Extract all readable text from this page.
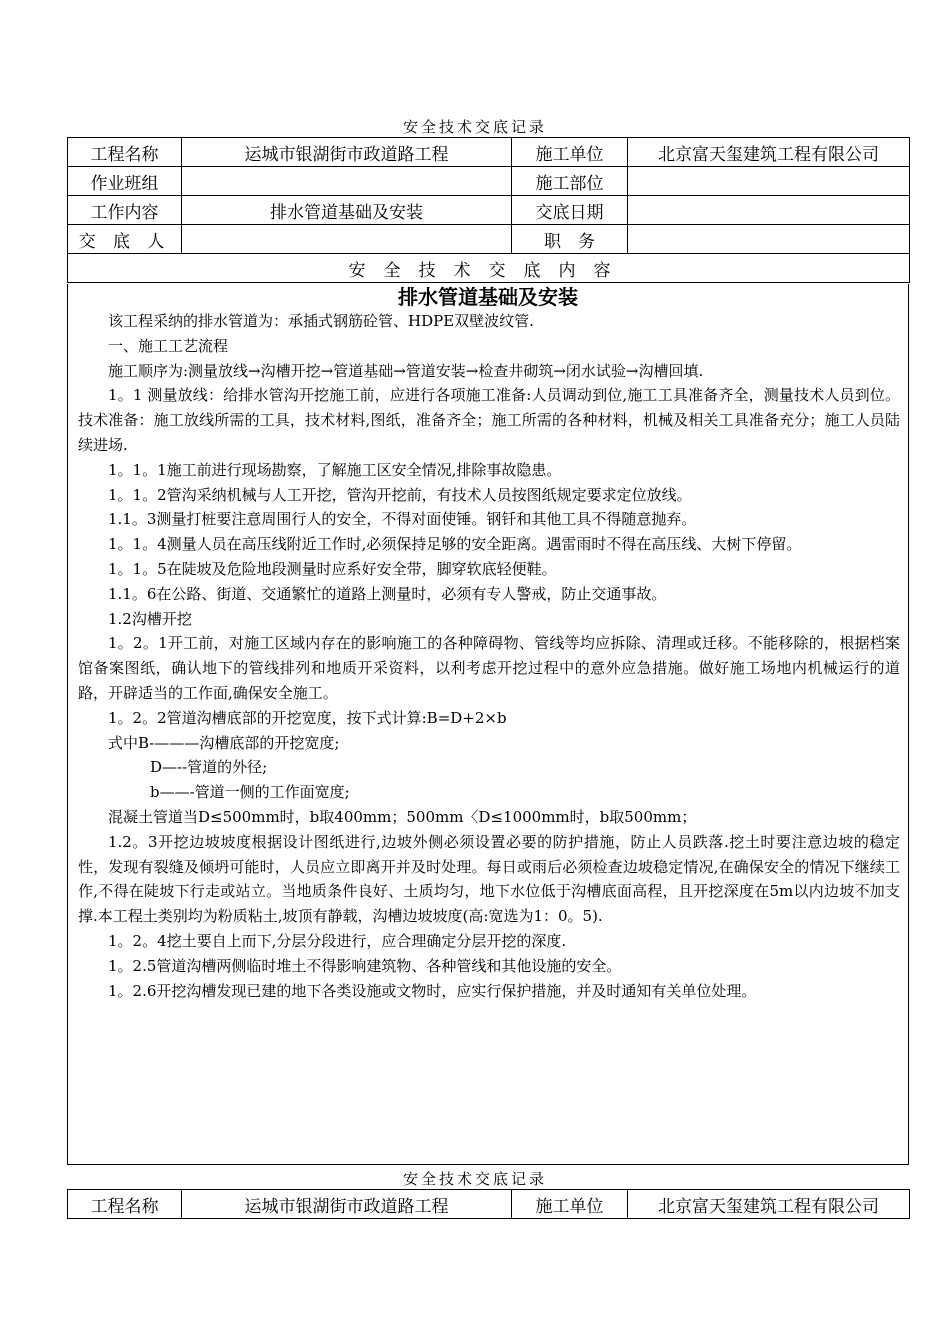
安全技术交底记录
工程名称	运城市银湖街市政道路工程	施工单位	北京富天玺建筑工程有限公司
作业班组		施工部位	
工作内容	排水管道基础及安装	交底日期	
交 底 人		职　务	
安全技术交底内容			
排水管道基础及安装

该工程采纳的排水管道为：承插式钢筋砼管、HDPE双壁波纹管.

一、施工工艺流程

施工顺序为:测量放线→沟槽开挖→管道基础→管道安装→检查井砌筑→闭水试验→沟槽回填.

1。1 测量放线：给排水管沟开挖施工前，应进行各项施工准备:人员调动到位,施工工具准备齐全，测量技术人员到位。 技术准备：施工放线所需的工具，技术材料,图纸，准备齐全；施工所需的各种材料，机械及相关工具准备充分；施工人员陆续进场.

1。1。1施工前进行现场勘察，了解施工区安全情况,排除事故隐患。

1。1。2管沟采纳机械与人工开挖，管沟开挖前，有技术人员按图纸规定要求定位放线。

1.1。3测量打桩要注意周围行人的安全，不得对面使锤。钢钎和其他工具不得随意抛弃。

1。1。4测量人员在高压线附近工作时,必须保持足够的安全距离。遇雷雨时不得在高压线、大树下停留。

1。1。5在陡坡及危险地段测量时应系好安全带，脚穿软底轻便鞋。

1.1。6在公路、街道、交通繁忙的道路上测量时，必须有专人警戒，防止交通事故。

1.2沟槽开挖

1。2。1开工前，对施工区域内存在的影响施工的各种障碍物、管线等均应拆除、清理或迁移。不能移除的，根据档案馆备案图纸，确认地下的管线排列和地质开采资料，以利考虑开挖过程中的意外应急措施。做好施工场地内机械运行的道路，开辟适当的工作面,确保安全施工。

1。2。2管道沟槽底部的开挖宽度，按下式计算:B=D+2×b

式中B-———沟槽底部的开挖宽度;

D—--管道的外径;

b——-管道一侧的工作面宽度;

混凝土管道当D≤500mm时，b取400mm；500mm〈D≤1000mm时，b取500mm；

1.2。3开挖边坡坡度根据设计图纸进行,边坡外侧必须设置必要的防护措施，防止人员跌落.挖土时要注意边坡的稳定性，发现有裂缝及倾坍可能时，人员应立即离开并及时处理。每日或雨后必须检查边坡稳定情况,在确保安全的情况下继续工作,不得在陡坡下行走或站立。当地质条件良好、土质均匀，地下水位低于沟槽底面高程，且开挖深度在5m以内边坡不加支撑.本工程土类别均为粉质粘土,坡顶有静载，沟槽边坡坡度(高:宽选为1：0。5).

1。2。4挖土要自上而下,分层分段进行，应合理确定分层开挖的深度.

1。2.5管道沟槽两侧临时堆土不得影响建筑物、各种管线和其他设施的安全。

1。2.6开挖沟槽发现已建的地下各类设施或文物时，应实行保护措施，并及时通知有关单位处理。

安全技术交底记录
工程名称	运城市银湖街市政道路工程	施工单位	北京富天玺建筑工程有限公司
